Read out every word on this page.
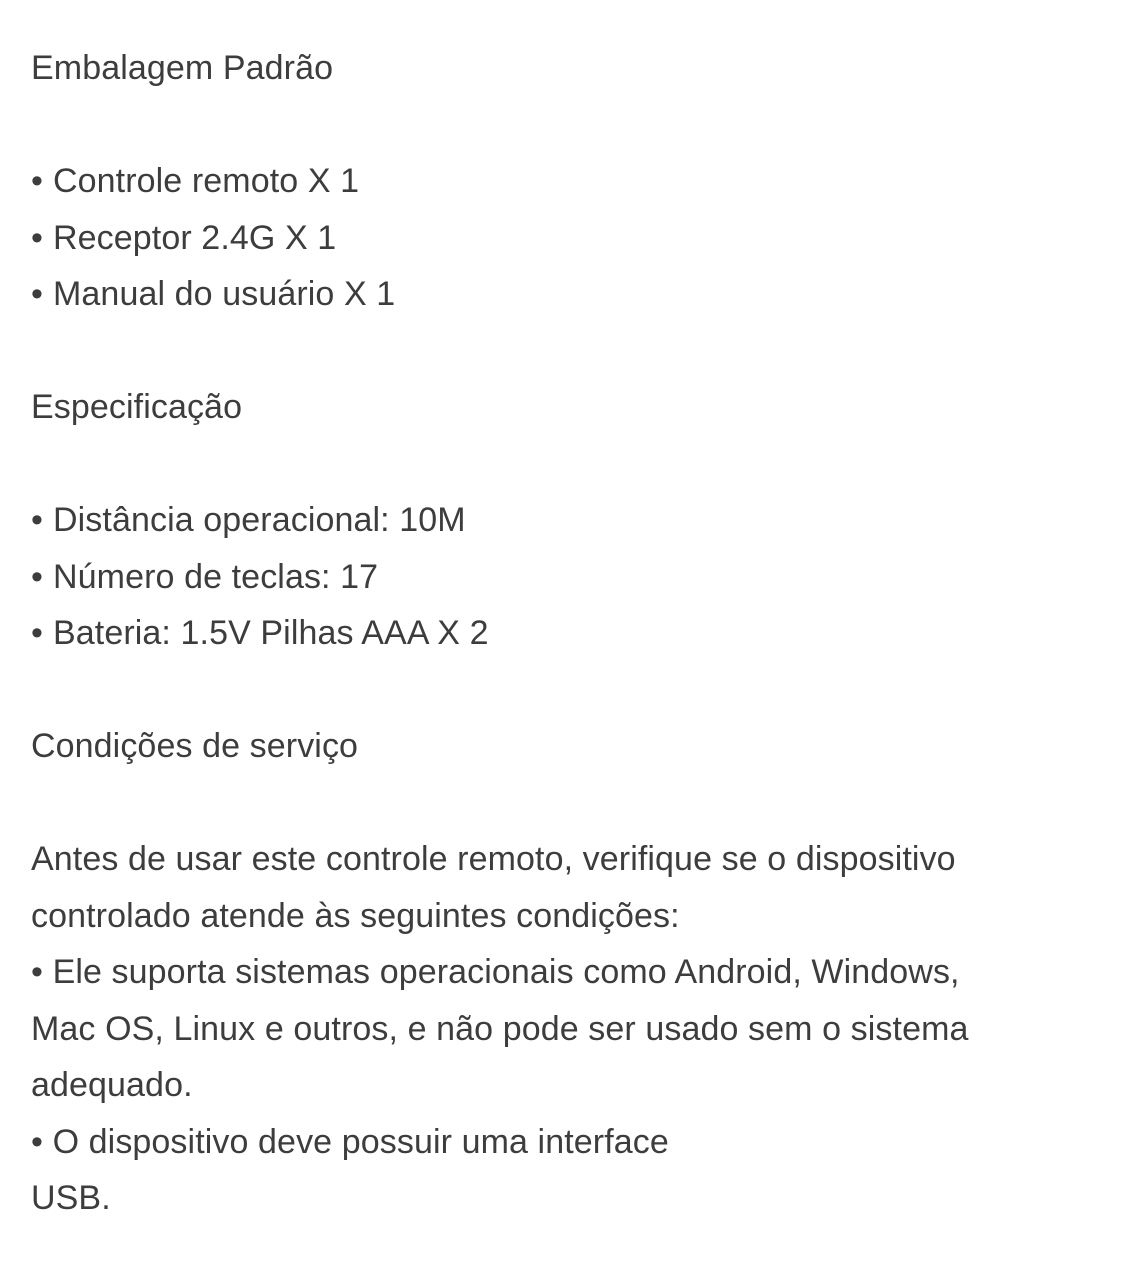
Embalagem Padrão
• Controle remoto X 1
• Receptor 2.4G X 1
• Manual do usuário X 1
Especificação
• Distância operacional: 10M
• Número de teclas: 17
• Bateria: 1.5V Pilhas AAA X 2
Condições de serviço
Antes de usar este controle remoto, verifique se o dispositivo
controlado atende às seguintes condições:
• Ele suporta sistemas operacionais como Android, Windows,
Mac OS, Linux e outros, e não pode ser usado sem o sistema
adequado.
• O dispositivo deve possuir uma interface
USB.
